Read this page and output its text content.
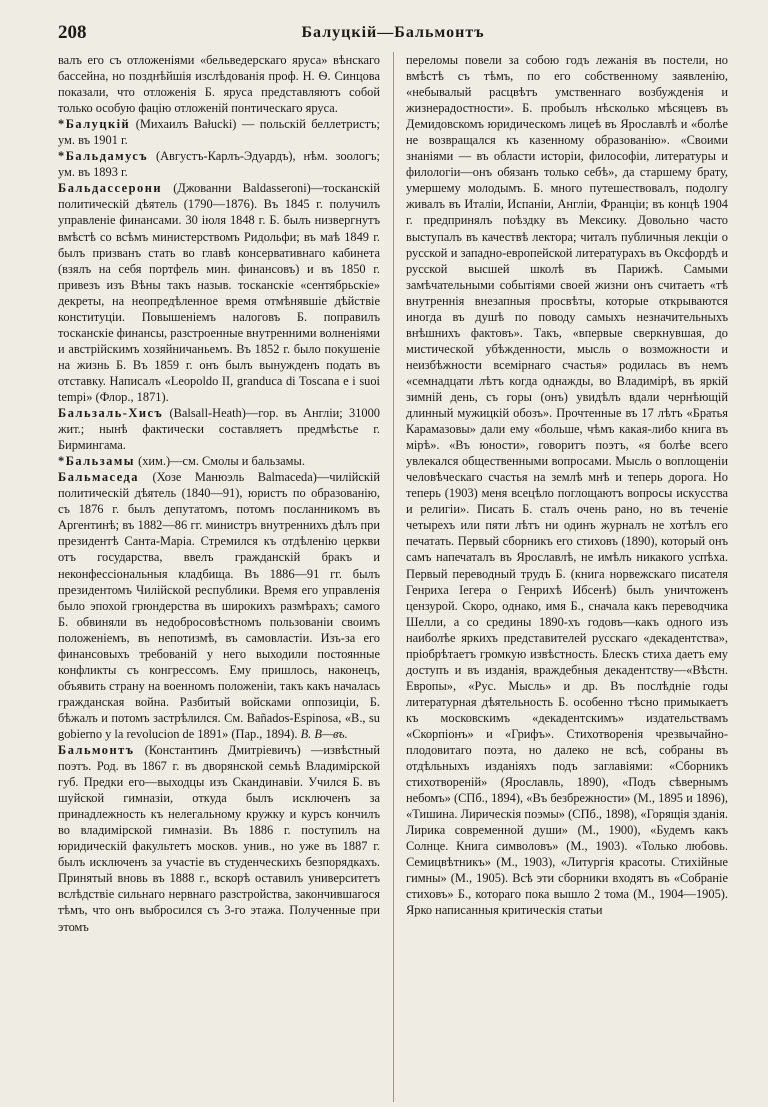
208	Балуцкій—Бальмонтъ

валъ его съ отложеніями «бельведерскаго яруса» вѣнскаго бассейна, но позднѣйшія изслѣдованія проф. Н. Ѳ. Синцова показали, что отложенія Б. яруса представляютъ собой только особую фацію отложеній понтическаго яруса.

*Балуцкій (Михаилъ Bałucki) — польскій беллетристъ; ум. въ 1901 г.

*Бальдамусъ (Августъ-Карлъ-Эдуардъ), нѣм. зоологъ; ум. въ 1893 г.

Бальдассерони (Джованни Baldasseroni)—тосканскій политическій дѣятель (1790—1876). Въ 1845 г. получилъ управленіе финансами. 30 іюля 1848 г. Б. былъ низвергнутъ вмѣстѣ со всѣмъ министерствомъ Ридольфи; въ маѣ 1849 г. былъ призванъ стать во главѣ консервативнаго кабинета (взялъ на себя портфель мин. финансовъ) и въ 1850 г. привезъ изъ Вѣны такъ назыв. тосканскіе «сентябрьскіе» декреты, на неопредѣленное время отмѣнявшіе дѣйствіе конституціи. Повышеніемъ налоговъ Б. поправилъ тосканскіе финансы, разстроенные внутренними волненіями и австрійскимъ хозяйничаньемъ. Въ 1852 г. было покушеніе на жизнь Б. Въ 1859 г. онъ былъ вынужденъ подать въ отставку. Написалъ «Leopoldo II, granduca di Toscana e i suoi tempi» (Флор., 1871).

Бальзаль-Хисъ (Balsall-Heath)—гор. въ Англіи; 31000 жит.; нынѣ фактически составляетъ предмѣстье г. Бирмингама.

*Бальзамы (хим.)—см. Смолы и бальзамы.

Бальмаседа (Хозе Манюэль Balmaceda)—чилійскій политическій дѣятель (1840—91), юристъ по образованію, съ 1876 г. былъ депутатомъ, потомъ посланникомъ въ Аргентинѣ; въ 1882—86 гг. министръ внутреннихъ дѣлъ при президентѣ Санта-Маріа. Стремился къ отдѣленію церкви отъ государства, ввелъ гражданскій бракъ и неконфессіональныя кладбища. Въ 1886—91 гг. былъ президентомъ Чилійской республики. Время его управленія было эпохой грюндерства въ широкихъ размѣрахъ; самого Б. обвиняли въ недобросовѣстномъ пользованіи своимъ положеніемъ, въ непотизмѣ, въ самовластіи. Изъ-за его финансовыхъ требованій у него выходили постоянные конфликты съ конгрессомъ. Ему пришлось, наконецъ, объявить страну на военномъ положеніи, такъ какъ началась гражданская война. Разбитый войсками оппозиціи, Б. бѣжалъ и потомъ застрѣлился. См. Bañados-Espinosa, «B., su gobierno y la revolucion de 1891» (Пар., 1894). В. В—въ.

Бальмонтъ (Константинъ Дмитріевичъ) —извѣстный поэтъ. Род. въ 1867 г. въ дворянской семьѣ Владимірской губ. Предки его—выходцы изъ Скандинавіи. Учился Б. въ шуйской гимназіи, откуда былъ исключенъ за принадлежность къ нелегальному кружку и курсъ кончилъ во владимірской гимназіи. Въ 1886 г. поступилъ на юридическій факультетъ москов. унив., но уже въ 1887 г. былъ исключенъ за участіе въ студенческихъ безпорядкахъ. Принятый вновь въ 1888 г., вскорѣ оставилъ университетъ вслѣдствіе сильнаго нервнаго разстройства, закончившагося тѣмъ, что онъ выбросился съ 3-го этажа. Полученные при этомъ

переломы повели за собою годъ лежанія въ постели, но вмѣстѣ съ тѣмъ, по его собственному заявленію, «небывалый расцвѣтъ умственнаго возбужденія и жизнерадостности». Б. пробылъ нѣсколько мѣсяцевъ въ Демидовскомъ юридическомъ лицеѣ въ Ярославлѣ и «болѣе не возвращался къ казенному образованію». «Своими знаніями — въ области исторіи, философіи, литературы и филологіи—онъ обязанъ только себѣ», да старшему брату, умершему молодымъ. Б. много путешествовалъ, подолгу живалъ въ Италіи, Испаніи, Англіи, Франціи; въ концѣ 1904 г. предпринялъ поѣздку въ Мексику. Довольно часто выступалъ въ качествѣ лектора; читалъ публичныя лекціи о русской и западно-европейской литературахъ въ Оксфордѣ и русской высшей школѣ въ Парижѣ. Самыми замѣчательными событіями своей жизни онъ считаетъ «тѣ внутреннія внезапныя просвѣты, которые открываются иногда въ душѣ по поводу самыхъ незначительныхъ внѣшнихъ фактовъ». Такъ, «впервые сверкнувшая, до мистической убѣжденности, мысль о возможности и неизбѣжности всемірнаго счастья» родилась въ немъ «семнадцати лѣтъ когда однажды, во Владимірѣ, въ яркій зимній день, съ горы (онъ) увидѣлъ вдали чернѣющій длинный мужицкій обозъ». Прочтенные въ 17 лѣтъ «Братья Карамазовы» дали ему «больше, чѣмъ какая-либо книга въ мірѣ». «Въ юности», говоритъ поэтъ, «я болѣе всего увлекался общественными вопросами. Мысль о воплощеніи человѣческаго счастья на землѣ мнѣ и теперь дорога. Но теперь (1903) меня всецѣло поглощаютъ вопросы искусства и религіи». Писать Б. сталъ очень рано, но въ теченіе четырехъ или пяти лѣтъ ни одинъ журналъ не хотѣлъ его печатать. Первый сборникъ его стиховъ (1890), который онъ самъ напечаталъ въ Ярославлѣ, не имѣлъ никакого успѣха. Первый переводный трудъ Б. (книга норвежскаго писателя Генриха Іегера о Генрихѣ Ибсенѣ) былъ уничтоженъ цензурой. Скоро, однако, имя Б., сначала какъ переводчика Шелли, а со средины 1890-хъ годовъ—какъ одного изъ наиболѣе яркихъ представителей русскаго «декадентства», пріобрѣтаетъ громкую извѣстность. Блескъ стиха даетъ ему доступъ и въ изданія, враждебныя декадентству—«Вѣстн. Европы», «Рус. Мысль» и др. Въ послѣдніе годы литературная дѣятельность Б. особенно тѣсно примыкаетъ къ московскимъ «декадентскимъ» издательствамъ «Скорпіонъ» и «Грифъ». Стихотворенія чрезвычайно-плодовитаго поэта, но далеко не всѣ, собраны въ отдѣльныхъ изданіяхъ подъ заглавіями: «Сборникъ стихотвореній» (Ярославль, 1890), «Подъ сѣвернымъ небомъ» (СПб., 1894), «Въ безбрежности» (М., 1895 и 1896), «Тишина. Лирическія поэмы» (СПб., 1898), «Горящія зданія. Лирика современной души» (М., 1900), «Будемъ какъ Солнце. Книга символовъ» (М., 1903). «Только любовь. Семицвѣтникъ» (М., 1903), «Литургія красоты. Стихійные гимны» (М., 1905). Всѣ эти сборники входятъ въ «Собраніе стиховъ» Б., котораго пока вышло 2 тома (М., 1904—1905). Ярко написанныя критическія статьи
